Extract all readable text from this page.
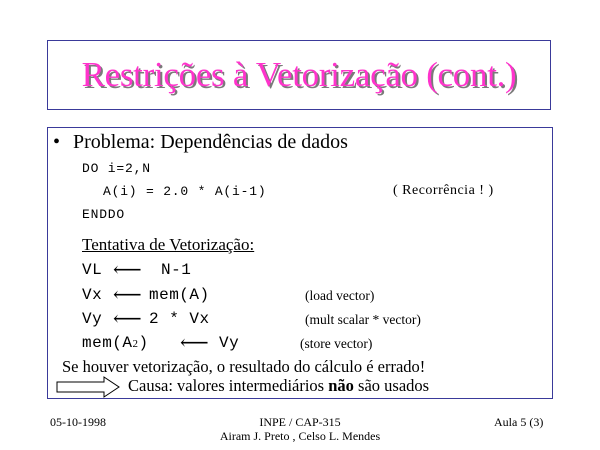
Restrições à Vetorização (cont.)
• Problema: Dependências de dados
DO i=2,N
A(i) = 2.0 * A(i-1)	( Recorrência ! )
ENDDO
Tentativa de Vetorização:
VL ⟵ N-1
Vx ⟵ mem(A)	(load vector)
Vy ⟵ 2 * Vx	(mult scalar * vector)
mem(A2) ⟵ Vy	(store vector)
Se houver vetorização, o resultado do cálculo é errado!
Causa: valores intermediários não são usados
05-10-1998	INPE / CAP-315
Airam J. Preto , Celso L. Mendes
Aula 5 (3)
